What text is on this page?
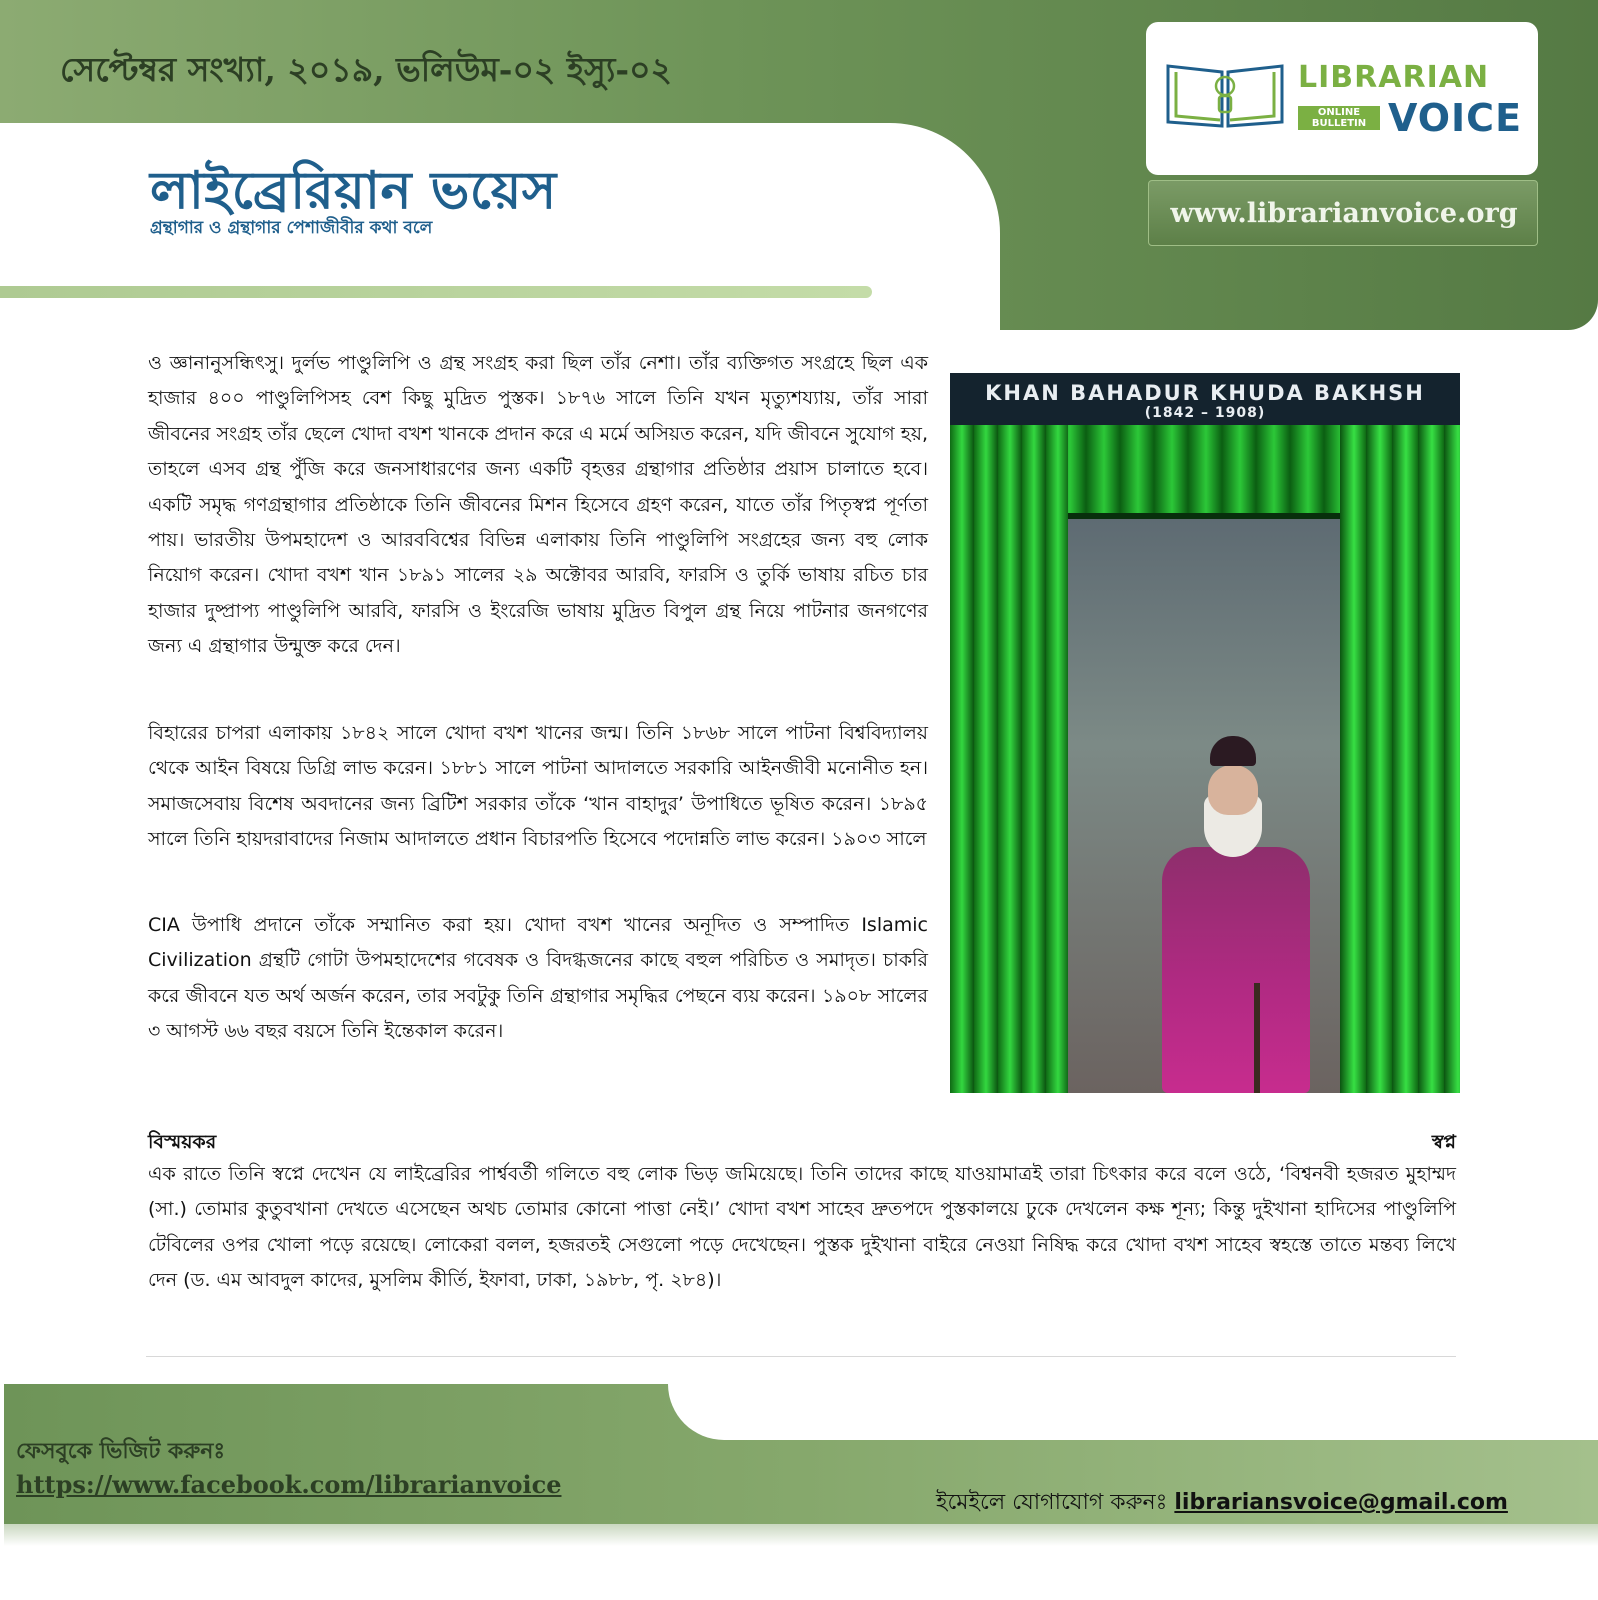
সেপ্টেম্বর সংখ্যা, ২০১৯, ভলিউম-০২ ইস্যু-০২
লাইব্রেরিয়ান ভয়েস
গ্রন্থাগার ও গ্রন্থাগার পেশাজীবীর কথা বলে
LIBRARIAN
ONLINE
BULLETIN VOICE
www.librarianvoice.org
ও জ্ঞানানুসন্ধিৎসু। দুর্লভ পাণ্ডুলিপি ও গ্রন্থ সংগ্রহ করা ছিল তাঁর নেশা। তাঁর ব্যক্তিগত সংগ্রহে ছিল এক হাজার ৪০০ পাণ্ডুলিপিসহ বেশ কিছু মুদ্রিত পুস্তক। ১৮৭৬ সালে তিনি যখন মৃত্যুশয্যায়, তাঁর সারা জীবনের সংগ্রহ তাঁর ছেলে খোদা বখশ খানকে প্রদান করে এ মর্মে অসিয়ত করেন, যদি জীবনে সুযোগ হয়, তাহলে এসব গ্রন্থ পুঁজি করে জনসাধারণের জন্য একটি বৃহত্তর গ্রন্থাগার প্রতিষ্ঠার প্রয়াস চালাতে হবে। একটি সমৃদ্ধ গণগ্রন্থাগার প্রতিষ্ঠাকে তিনি জীবনের মিশন হিসেবে গ্রহণ করেন, যাতে তাঁর পিতৃস্বপ্ন পূর্ণতা পায়। ভারতীয় উপমহাদেশ ও আরববিশ্বের বিভিন্ন এলাকায় তিনি পাণ্ডুলিপি সংগ্রহের জন্য বহু লোক নিয়োগ করেন। খোদা বখশ খান ১৮৯১ সালের ২৯ অক্টোবর আরবি, ফারসি ও তুর্কি ভাষায় রচিত চার হাজার দুষ্প্রাপ্য পাণ্ডুলিপি আরবি, ফারসি ও ইংরেজি ভাষায় মুদ্রিত বিপুল গ্রন্থ নিয়ে পাটনার জনগণের জন্য এ গ্রন্থাগার উন্মুক্ত করে দেন।
বিহারের চাপরা এলাকায় ১৮৪২ সালে খোদা বখশ খানের জন্ম। তিনি ১৮৬৮ সালে পাটনা বিশ্ববিদ্যালয় থেকে আইন বিষয়ে ডিগ্রি লাভ করেন। ১৮৮১ সালে পাটনা আদালতে সরকারি আইনজীবী মনোনীত হন। সমাজসেবায় বিশেষ অবদানের জন্য ব্রিটিশ সরকার তাঁকে ‘খান বাহাদুর’ উপাধিতে ভূষিত করেন। ১৮৯৫ সালে তিনি হায়দরাবাদের নিজাম আদালতে প্রধান বিচারপতি হিসেবে পদোন্নতি লাভ করেন। ১৯০৩ সালে
CIA উপাধি প্রদানে তাঁকে সম্মানিত করা হয়। খোদা বখশ খানের অনূদিত ও সম্পাদিত Islamic Civilization গ্রন্থটি গোটা উপমহাদেশের গবেষক ও বিদগ্ধজনের কাছে বহুল পরিচিত ও সমাদৃত। চাকরি করে জীবনে যত অর্থ অর্জন করেন, তার সবটুকু তিনি গ্রন্থাগার সমৃদ্ধির পেছনে ব্যয় করেন। ১৯০৮ সালের ৩ আগস্ট ৬৬ বছর বয়সে তিনি ইন্তেকাল করেন।
KHAN BAHADUR KHUDA BAKHSH
(1842 – 1908)
বিস্ময়কর	স্বপ্ন
এক রাতে তিনি স্বপ্নে দেখেন যে লাইব্রেরির পার্শ্ববর্তী গলিতে বহু লোক ভিড় জমিয়েছে। তিনি তাদের কাছে যাওয়ামাত্রই তারা চিৎকার করে বলে ওঠে, ‘বিশ্বনবী হজরত মুহাম্মদ (সা.) তোমার কুতুবখানা দেখতে এসেছেন অথচ তোমার কোনো পাত্তা নেই।’ খোদা বখশ সাহেব দ্রুতপদে পুস্তকালয়ে ঢুকে দেখলেন কক্ষ শূন্য; কিন্তু দুইখানা হাদিসের পাণ্ডুলিপি টেবিলের ওপর খোলা পড়ে রয়েছে। লোকেরা বলল, হজরতই সেগুলো পড়ে দেখেছেন। পুস্তক দুইখানা বাইরে নেওয়া নিষিদ্ধ করে খোদা বখশ সাহেব স্বহস্তে তাতে মন্তব্য লিখে দেন (ড. এম আবদুল কাদের, মুসলিম কীর্তি, ইফাবা, ঢাকা, ১৯৮৮, পৃ. ২৮৪)।
ফেসবুকে ভিজিট করুনঃ
https://www.facebook.com/librarianvoice
ইমেইলে যোগাযোগ করুনঃ librariansvoice@gmail.com
